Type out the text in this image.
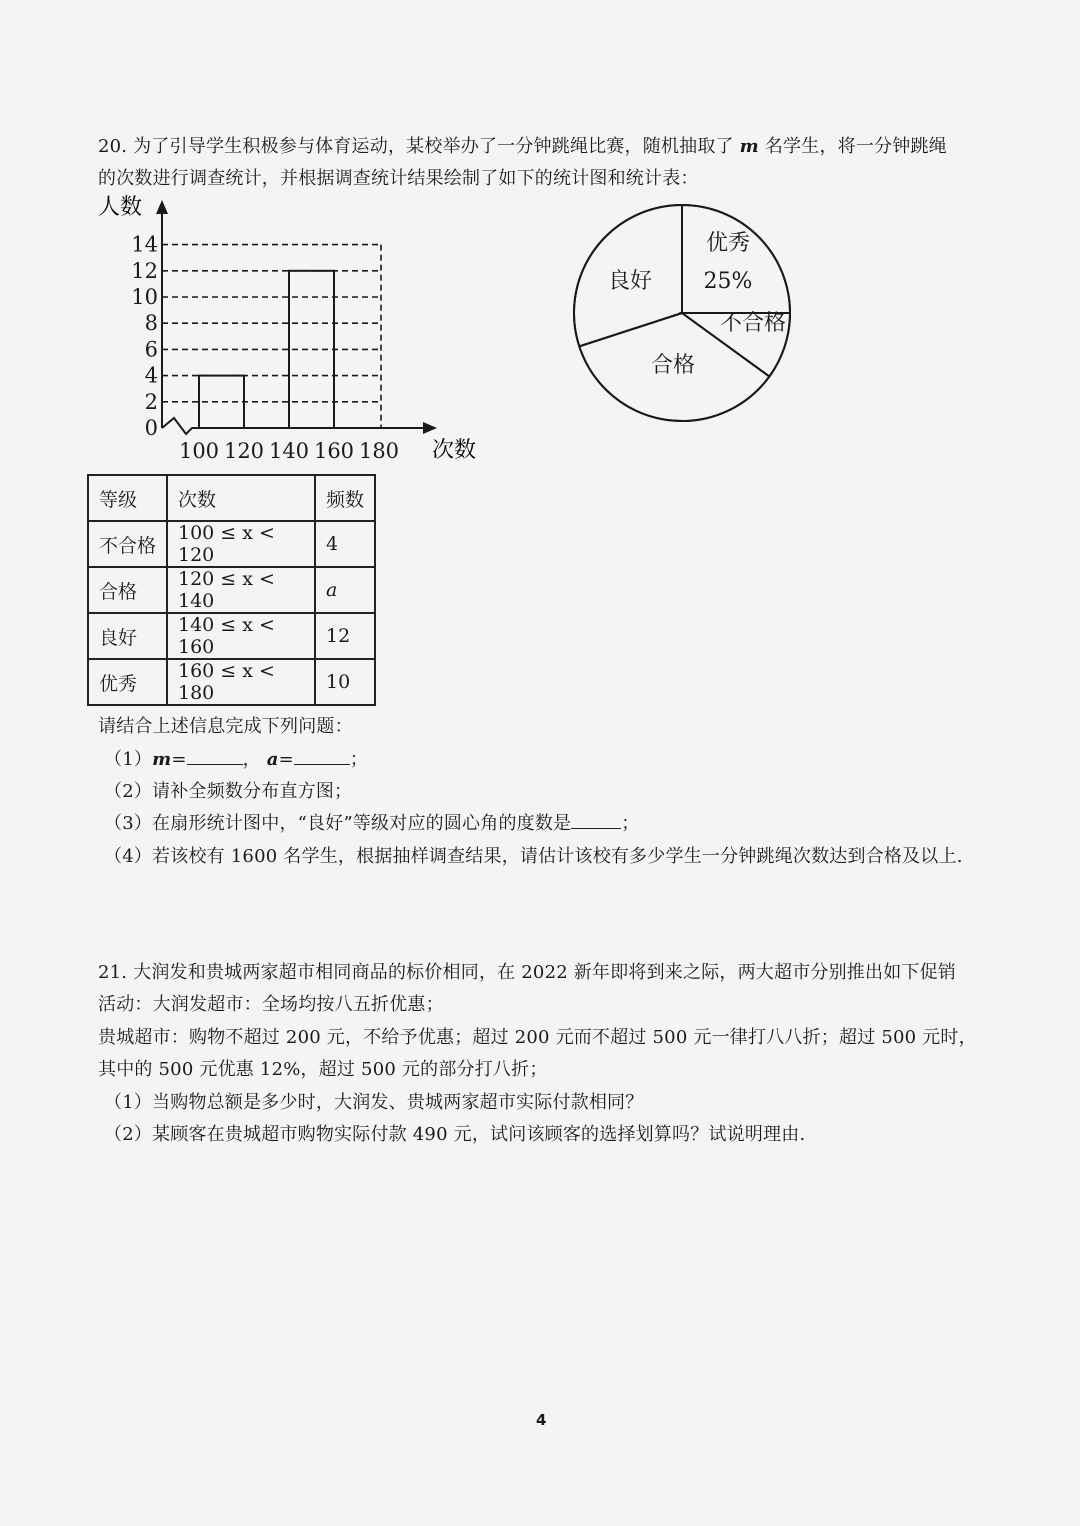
20. 为了引导学生积极参与体育运动，某校举办了一分钟跳绳比赛，随机抽取了 m 名学生，将一分钟跳绳
的次数进行调查统计，并根据调查统计结果绘制了如下的统计图和统计表：
0
2
4
6
8
10
12
14
100 120 140 160 180
人数
次数
优秀
25%
不合格
合格
良好
等级	次数	频数
不合格	100 ≤ x < 120	4
合格	120 ≤ x < 140	a
良好	140 ≤ x < 160	12
优秀	160 ≤ x < 180	10
请结合上述信息完成下列问题：
（1）m=	， a=	；
（2）请补全频数分布直方图；
（3）在扇形统计图中，“良好”等级对应的圆心角的度数是	；
（4）若该校有 1600 名学生，根据抽样调查结果，请估计该校有多少学生一分钟跳绳次数达到合格及以上.
21. 大润发和贵城两家超市相同商品的标价相同，在 2022 新年即将到来之际，两大超市分别推出如下促销
活动：大润发超市：全场均按八五折优惠；
贵城超市：购物不超过 200 元，不给予优惠；超过 200 元而不超过 500 元一律打八八折；超过 500 元时，
其中的 500 元优惠 12%，超过 500 元的部分打八折；
（1）当购物总额是多少时，大润发、贵城两家超市实际付款相同？
（2）某顾客在贵城超市购物实际付款 490 元，试问该顾客的选择划算吗？试说明理由.
4
